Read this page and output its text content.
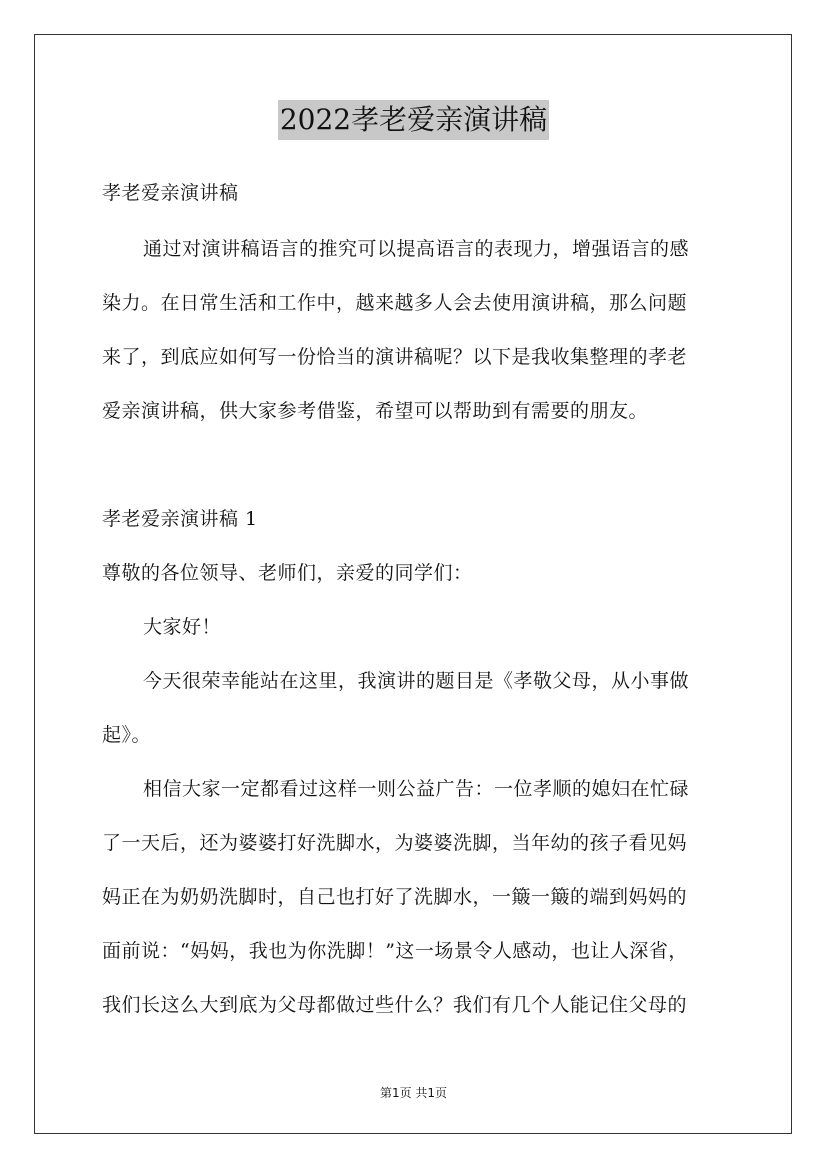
2022孝老爱亲演讲稿
孝老爱亲演讲稿
通过对演讲稿语言的推究可以提高语言的表现力，增强语言的感
染力。在日常生活和工作中，越来越多人会去使用演讲稿，那么问题
来了，到底应如何写一份恰当的演讲稿呢？以下是我收集整理的孝老
爱亲演讲稿，供大家参考借鉴，希望可以帮助到有需要的朋友。
孝老爱亲演讲稿 1
尊敬的各位领导、老师们，亲爱的同学们：
大家好！
今天很荣幸能站在这里，我演讲的题目是《孝敬父母，从小事做
起》。
相信大家一定都看过这样一则公益广告：一位孝顺的媳妇在忙碌
了一天后，还为婆婆打好洗脚水，为婆婆洗脚，当年幼的孩子看见妈
妈正在为奶奶洗脚时，自己也打好了洗脚水，一簸一簸的端到妈妈的
面前说：“妈妈，我也为你洗脚！”这一场景令人感动，也让人深省，
我们长这么大到底为父母都做过些什么？我们有几个人能记住父母的
第1页 共1页
